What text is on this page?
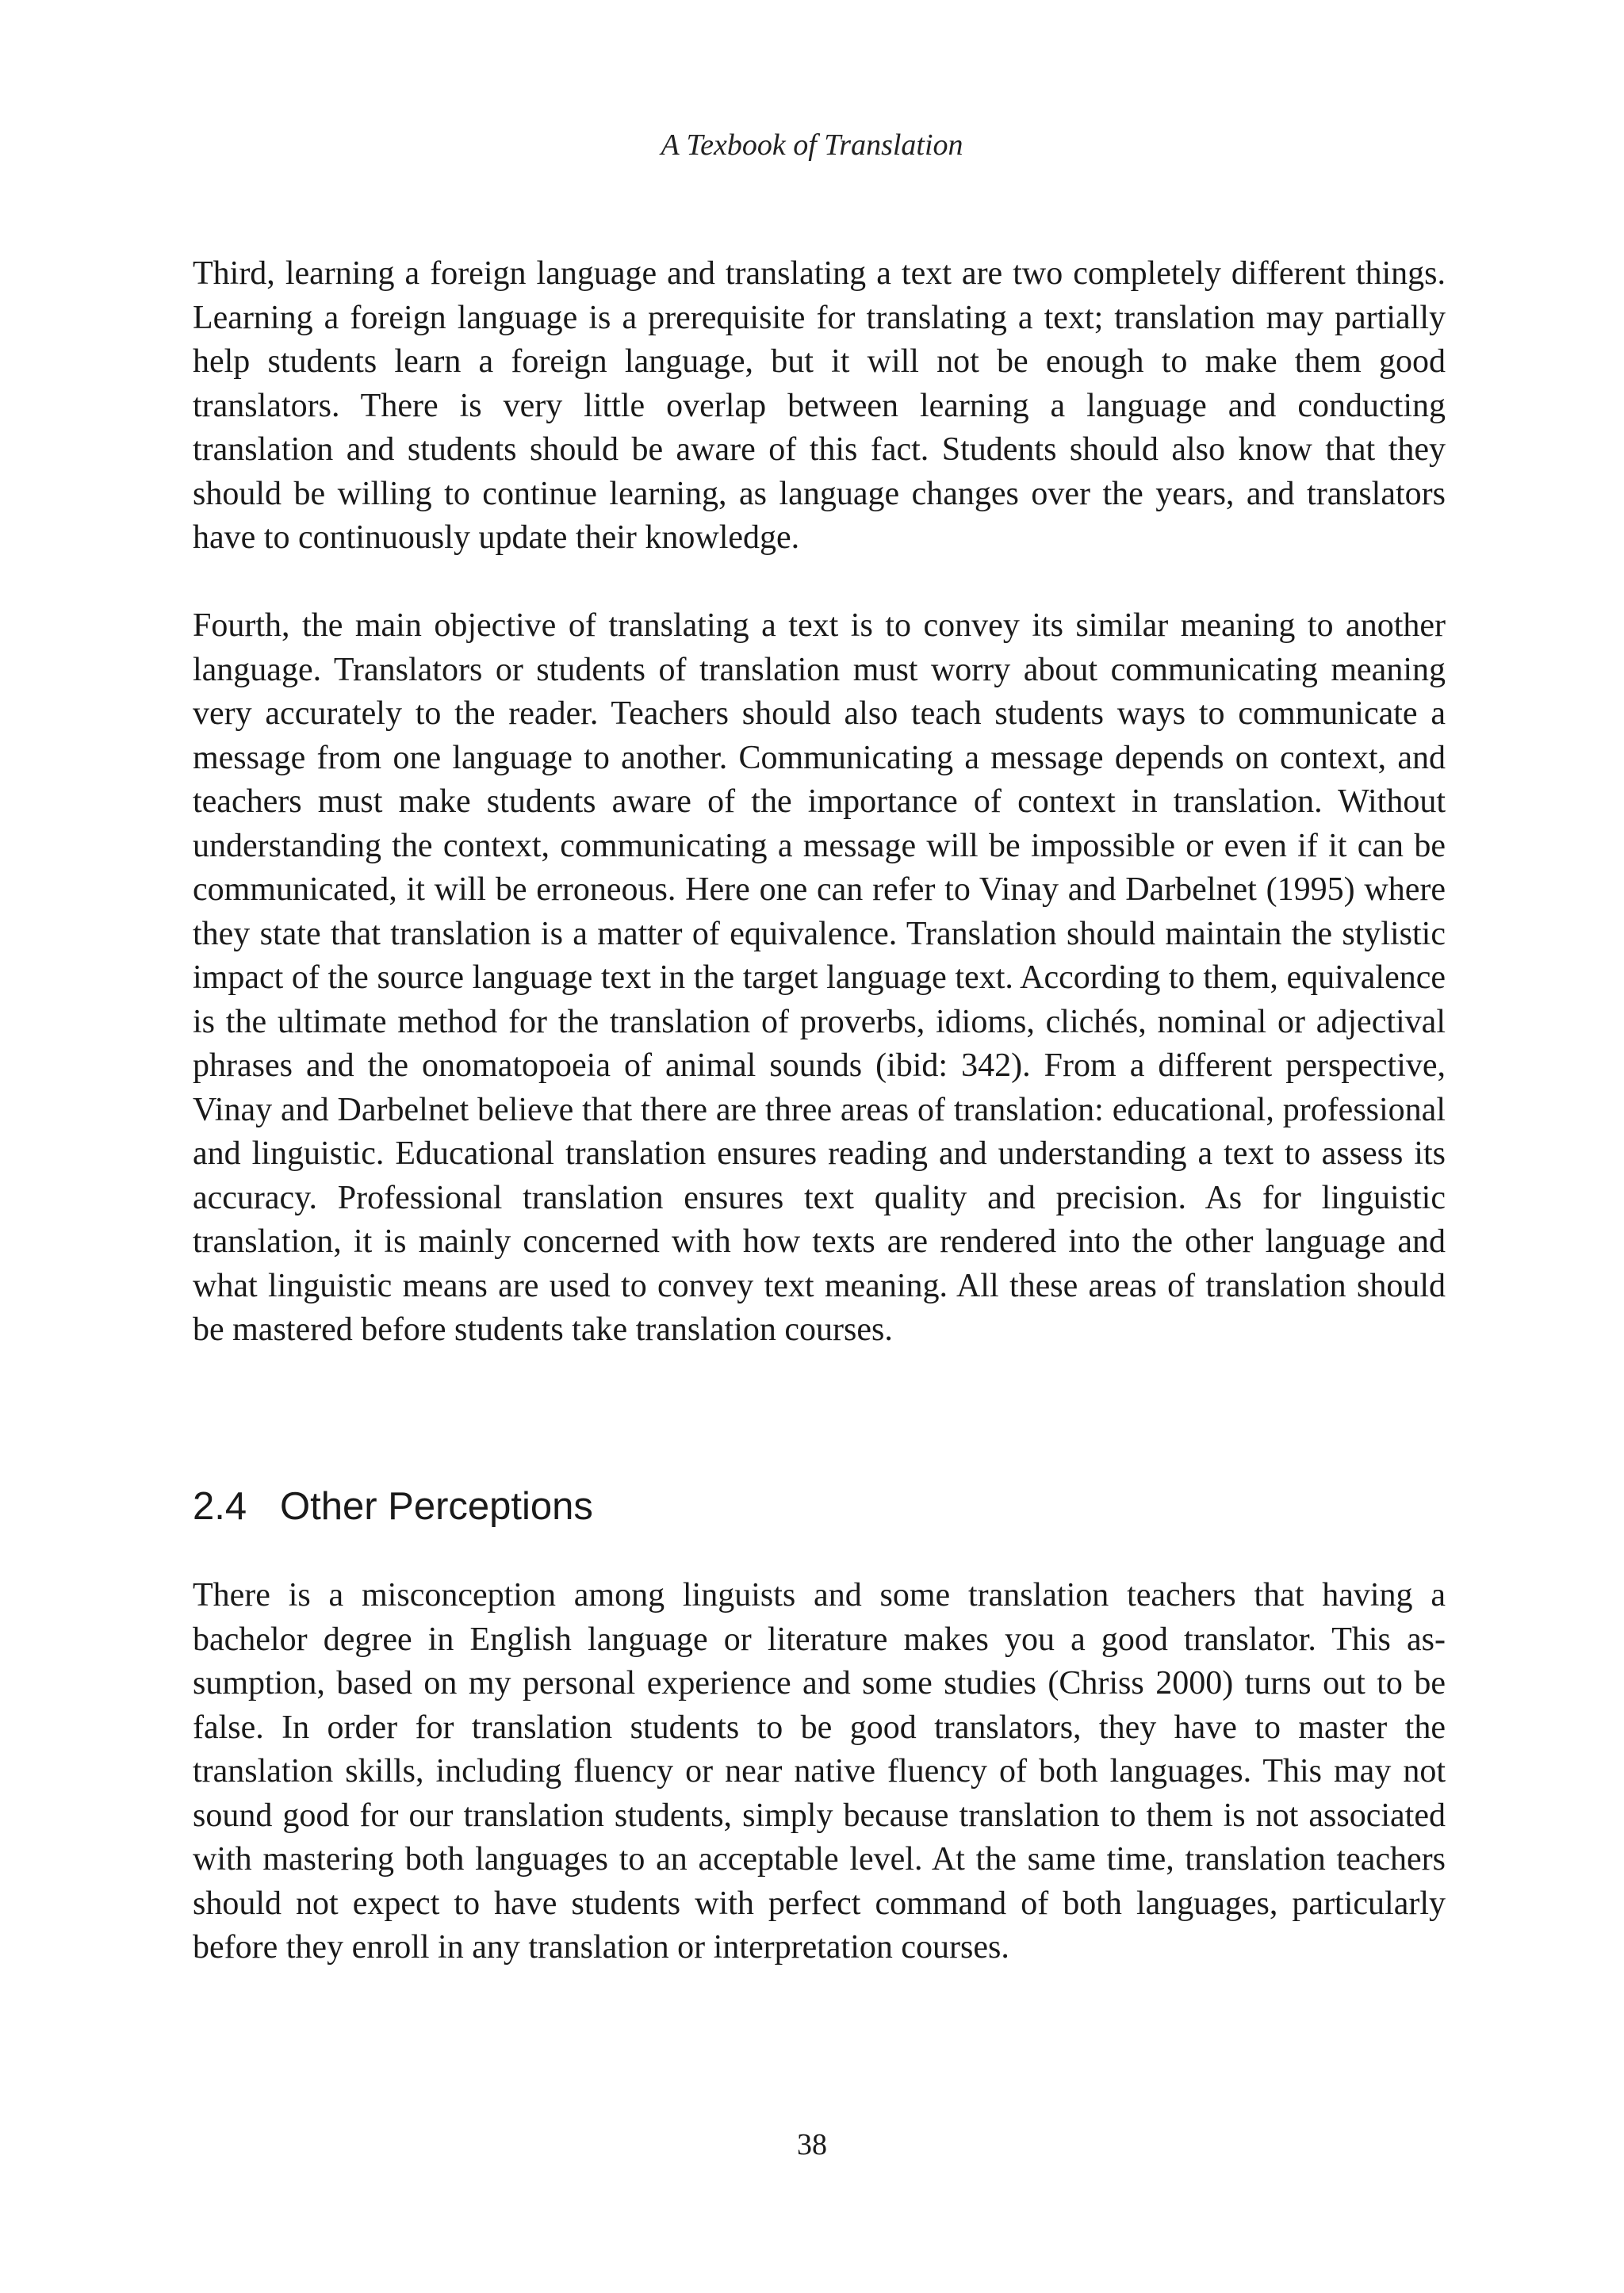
A Texbook of Translation

Third, learning a foreign language and translating a text are two completely different things. Learning a foreign language is a prerequisite for translating a text; translation may partially help students learn a foreign language, but it will not be enough to make them good translators. There is very little overlap between learning a language and conducting translation and students should be aware of this fact. Students should also know that they should be willing to continue learning, as language changes over the years, and translators have to continuously update their knowledge.

Fourth, the main objective of translating a text is to convey its similar meaning to another language. Translators or students of translation must worry about communicating meaning very accurately to the reader. Teachers should also teach students ways to communicate a message from one language to another. Communicating a message depends on context, and teachers must make students aware of the importance of context in translation. Without understanding the context, communicating a message will be impossible or even if it can be communicated, it will be erroneous. Here one can refer to Vinay and Darbelnet (1995) where they state that translation is a matter of equivalence. Translation should maintain the stylistic impact of the source language text in the target language text. According to them, equivalence is the ultimate method for the translation of proverbs, idioms, clichés, nominal or adjectival phrases and the onomatopoeia of animal sounds (ibid: 342). From a different perspective, Vinay and Darbelnet believe that there are three areas of translation: educational, professional and linguistic. Educational translation ensures reading and understanding a text to assess its accuracy. Professional translation ensures text quality and precision. As for linguistic translation, it is mainly concerned with how texts are rendered into the other language and what linguistic means are used to convey text meaning. All these areas of translation should be mastered before students take translation courses.

2.4 Other Perceptions

There is a misconception among linguists and some translation teachers that having a bachelor degree in English language or literature makes you a good translator. This assumption, based on my personal experience and some studies (Chriss 2000) turns out to be false. In order for translation students to be good translators, they have to master the translation skills, including fluency or near native fluency of both languages. This may not sound good for our translation students, simply because translation to them is not associated with mastering both languages to an acceptable level. At the same time, translation teachers should not expect to have students with perfect command of both languages, particularly before they enroll in any translation or interpretation courses.

38
